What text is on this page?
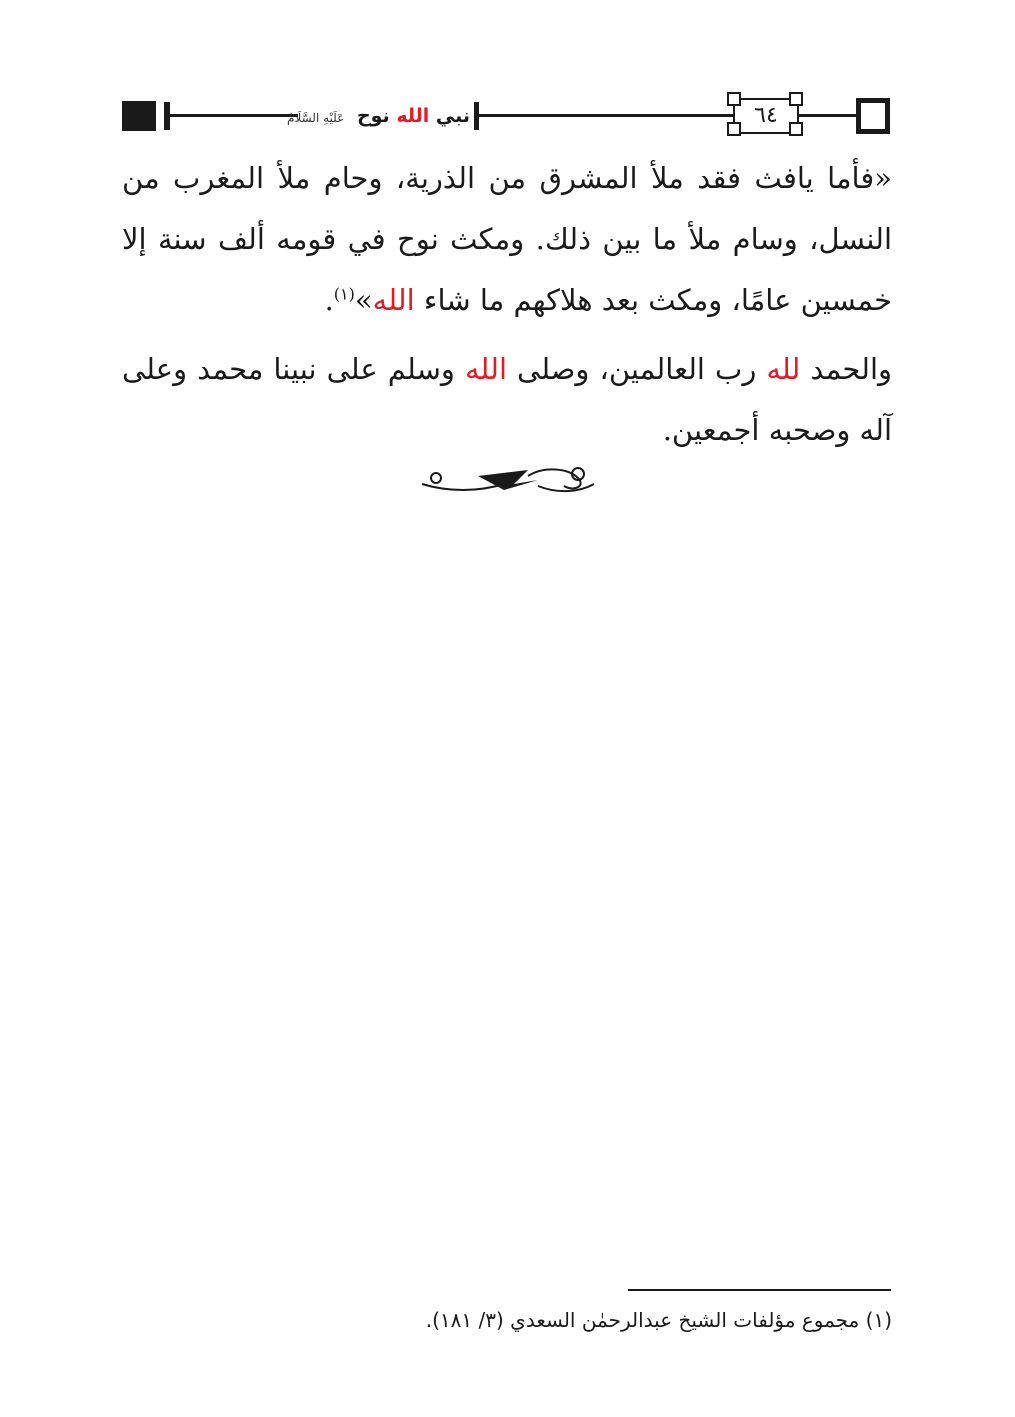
نبي الله نوح عَلَيْهِ السَّلَامُ	٦٤

«فأما يافث فقد ملأ المشرق من الذرية، وحام ملأ المغرب من النسل، وسام ملأ ما بين ذلك. ومكث نوح في قومه ألف سنة إلا خمسين عامًا، ومكث بعد هلاكهم ما شاء الله»$^{(١)}$.

والحمد لله رب العالمين، وصلى الله وسلم على نبينا محمد وعلى آله وصحبه أجمعين.

(١) مجموع مؤلفات الشيخ عبدالرحمٰن السعدي (٣/ ١٨١).
